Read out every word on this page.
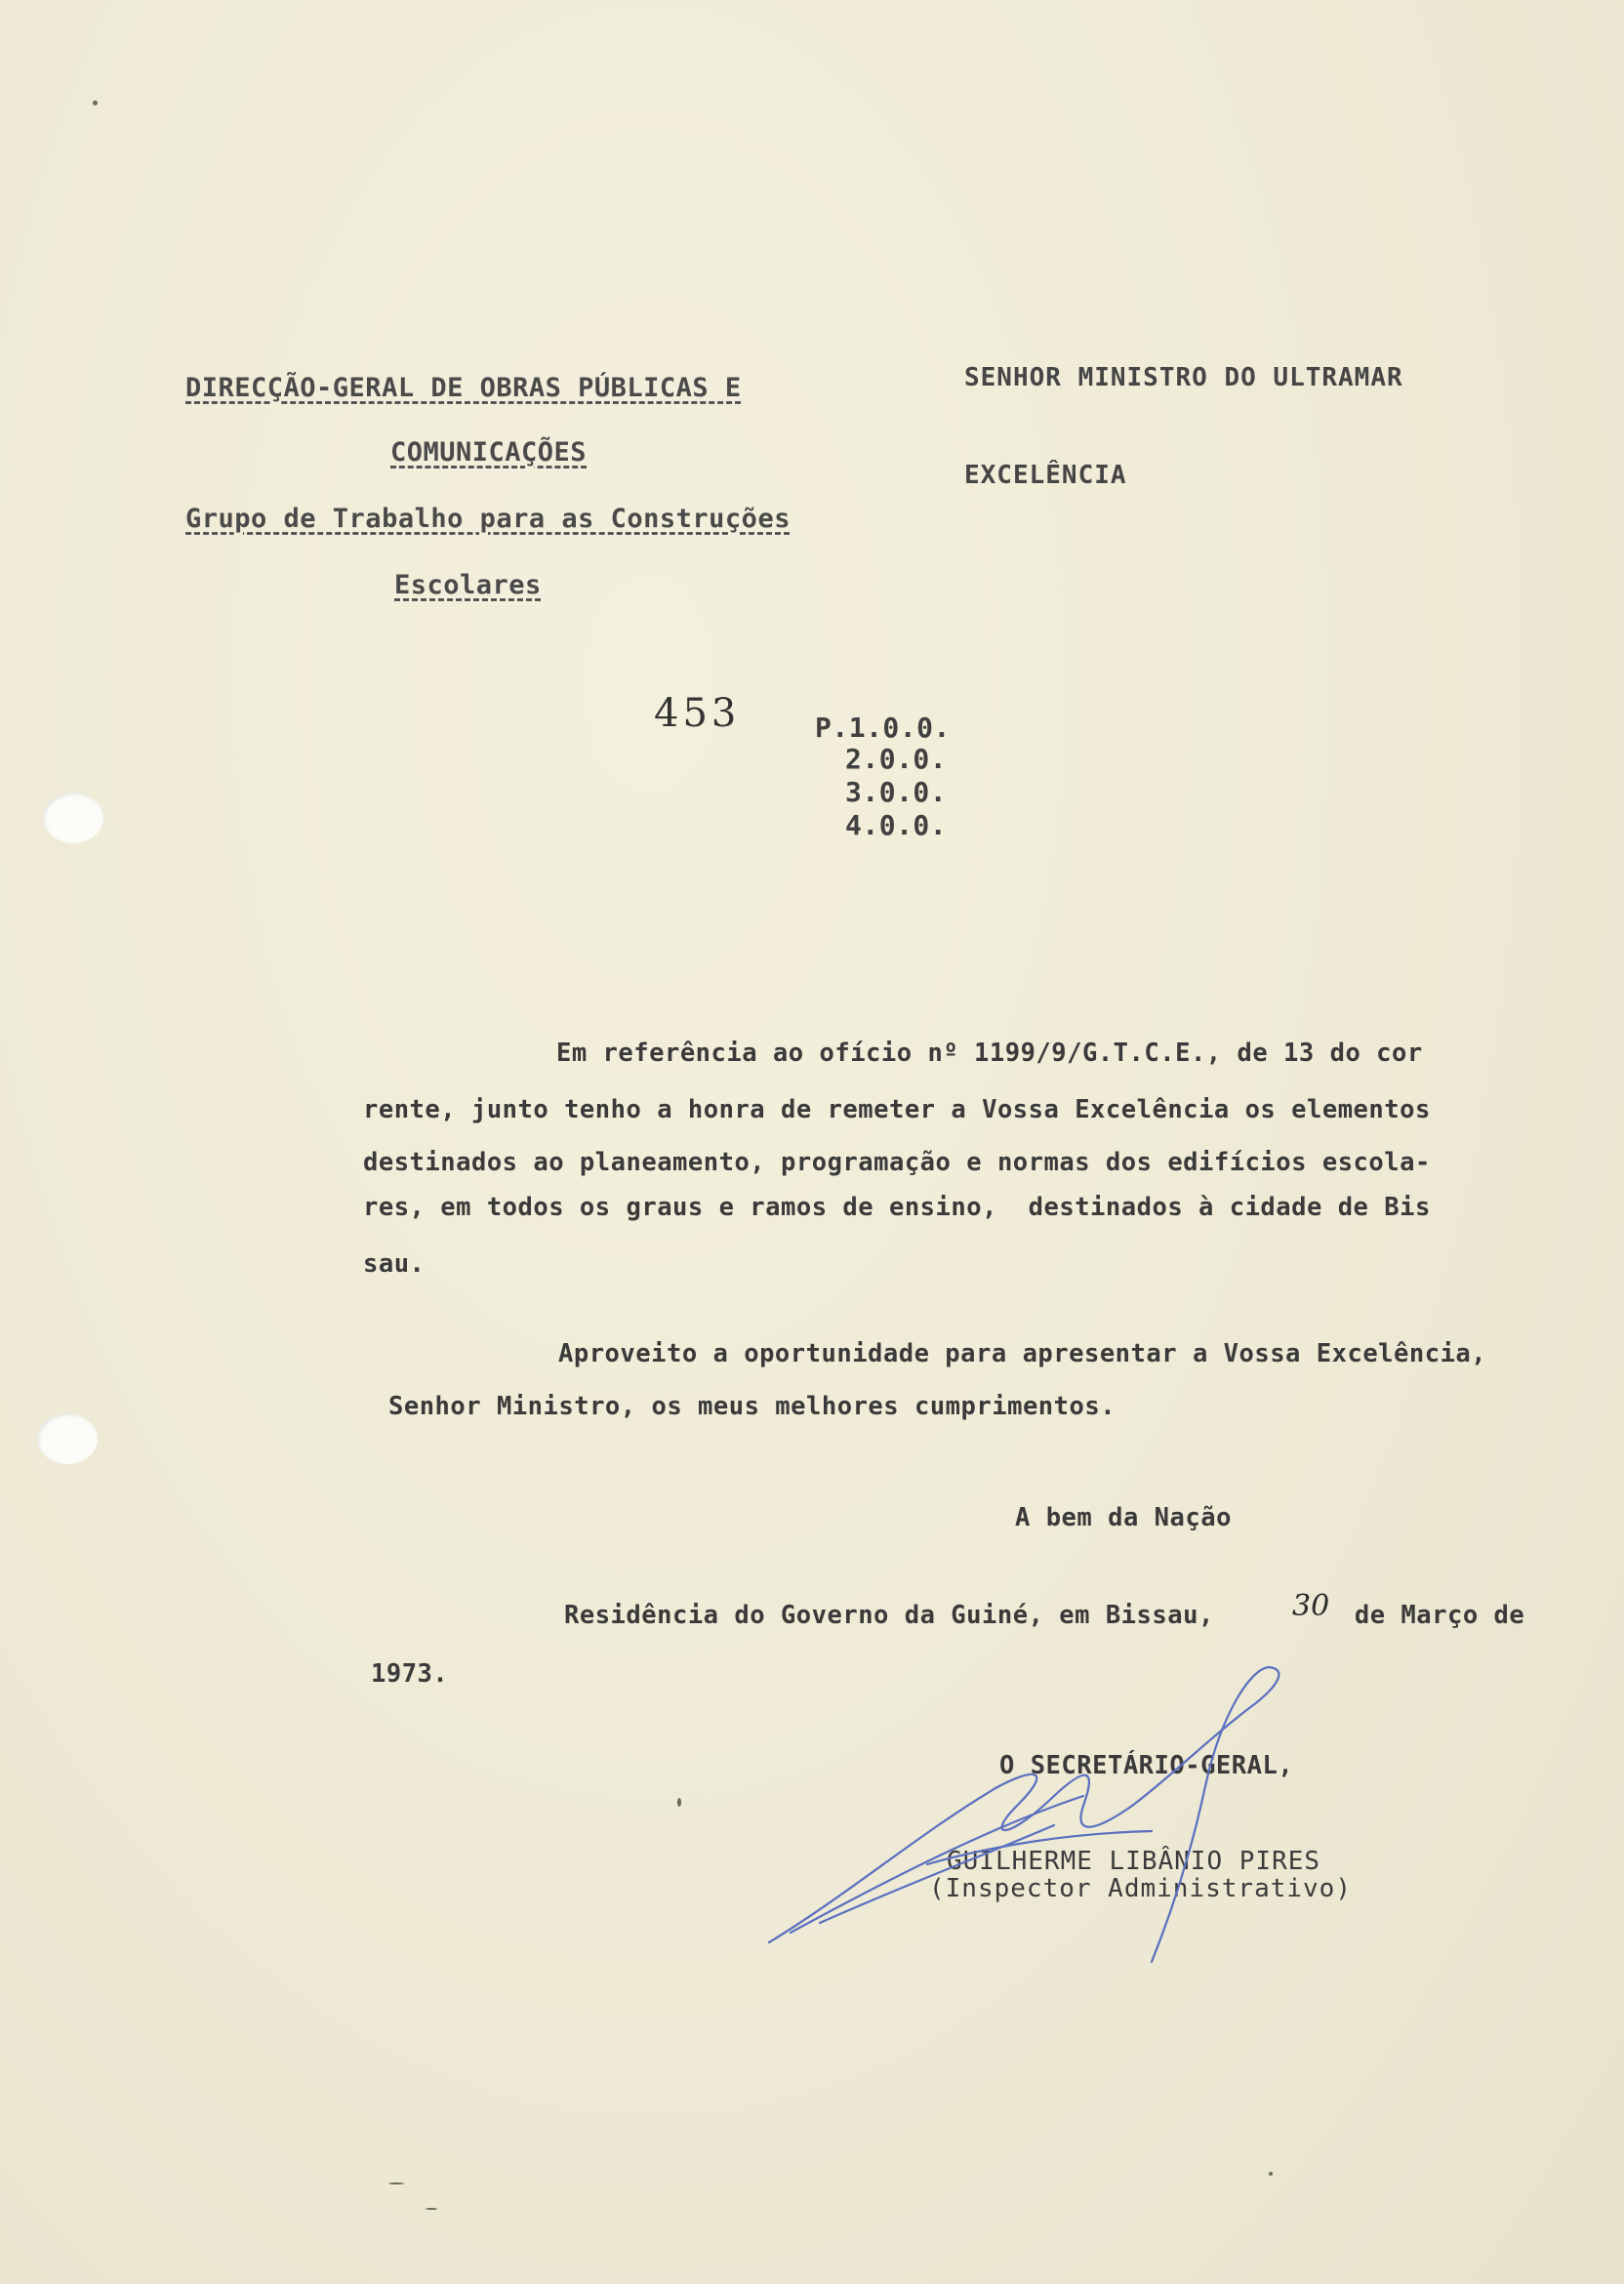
DIRECÇÃO-GERAL DE OBRAS PÚBLICAS E
COMUNICAÇÕES
Grupo de Trabalho para as Construções
Escolares
SENHOR MINISTRO DO ULTRAMAR
EXCELÊNCIA
453	P.1.0.0.
2.0.0.
3.0.0.
4.0.0.
Em referência ao ofício nº 1199/9/G.T.C.E., de 13 do cor
rente, junto tenho a honra de remeter a Vossa Excelência os elementos
destinados ao planeamento, programação e normas dos edifícios escola-
res, em todos os graus e ramos de ensino,  destinados à cidade de Bis
sau.
Aproveito a oportunidade para apresentar a Vossa Excelência,
Senhor Ministro, os meus melhores cumprimentos.
A bem da Nação
Residência do Governo da Guiné, em Bissau,	30 de Março de
1973.
O SECRETÁRIO-GERAL,
GUILHERME LIBÂNIO PIRES
(Inspector Administrativo)
